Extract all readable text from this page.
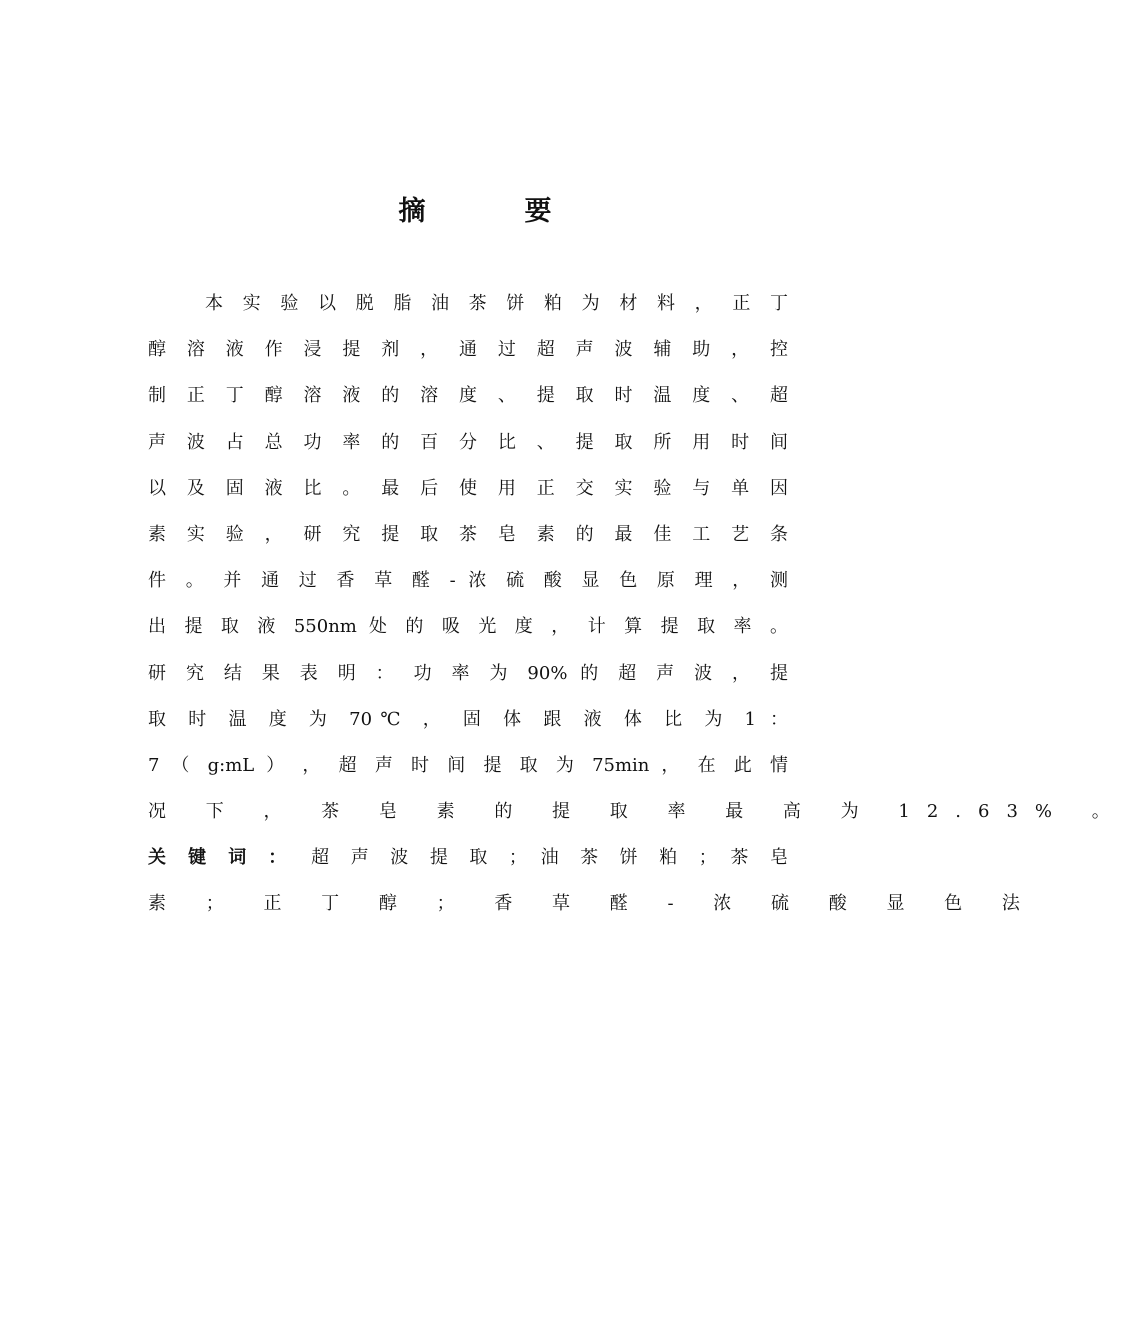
摘　要
本 实 验 以 脱 脂 油 茶 饼 粕 为 材 料 ， 正 丁
醇 溶 液 作 浸 提 剂 ， 通 过 超 声 波 辅 助 ， 控
制 正 丁 醇 溶 液 的 溶 度 、 提 取 时 温 度 、 超
声 波 占 总 功 率 的 百 分 比 、 提 取 所 用 时 间
以 及 固 液 比 。 最 后 使 用 正 交 实 验 与 单 因
素 实 验 ， 研 究 提 取 茶 皂 素 的 最 佳 工 艺 条
件 。 并 通 过 香 草 醛 - 浓 硫 酸 显 色 原 理 ， 测
出 提 取 液 550nm 处 的 吸 光 度 ， 计 算 提 取 率 。
研 究 结 果 表 明 ： 功 率 为 90% 的 超 声 波 ， 提
取 时 温 度 为 70℃ ， 固 体 跟 液 体 比 为 1 ：
7 （ g:mL ） ， 超 声 时 间 提 取 为 75min ， 在 此 情
况 下 ， 茶 皂 素 的 提 取 率 最 高 为 12.63% 。
关 键 词 ：　 超 声 波 提 取 ； 油 茶 饼 粕 ； 茶 皂
素 ； 正 丁 醇 ； 香 草 醛 - 浓 硫 酸 显 色 法
